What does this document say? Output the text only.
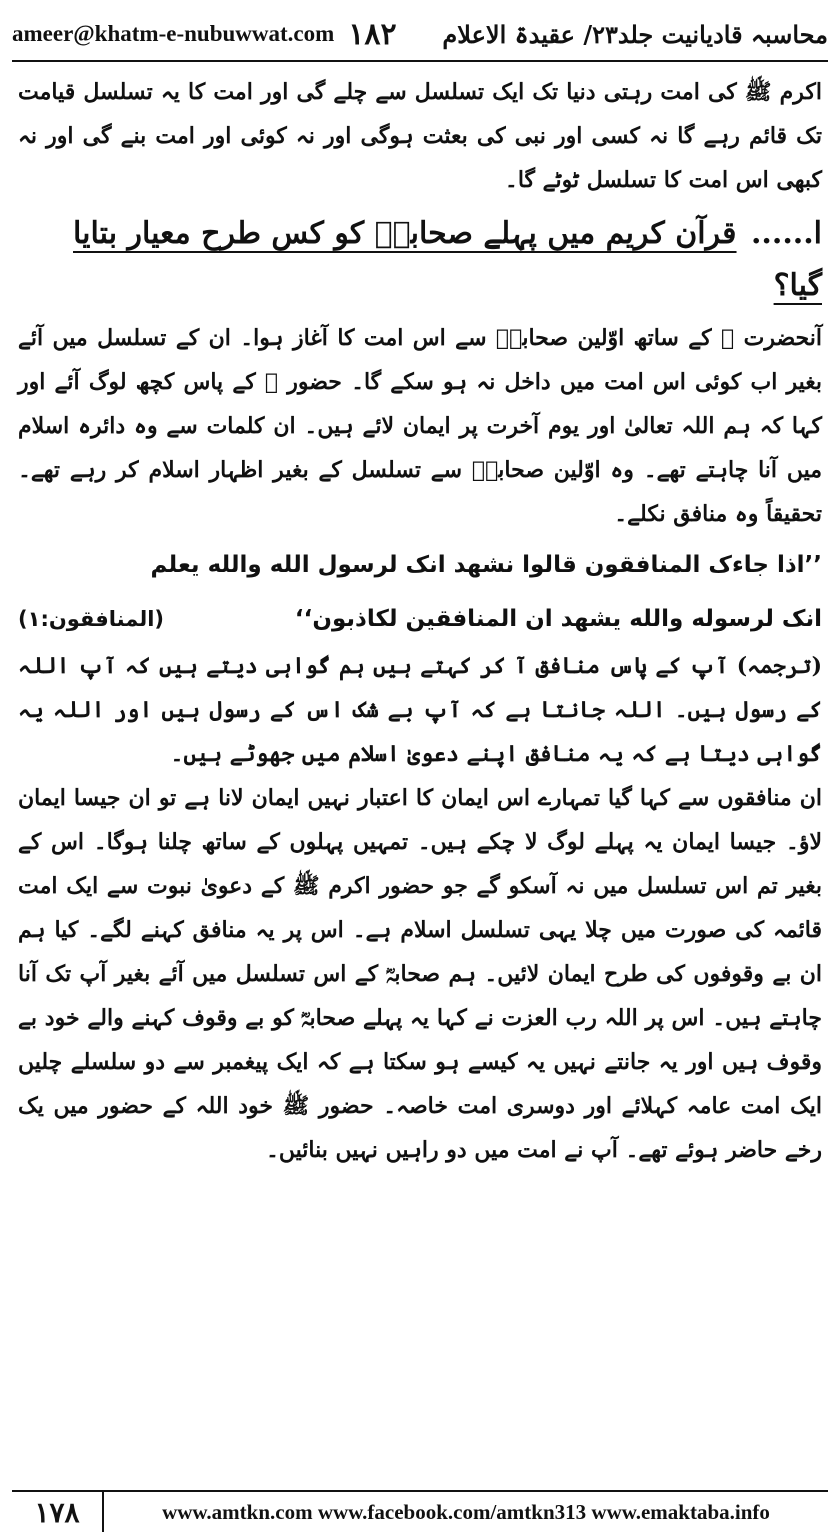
ameer@khatm-e-nubuwwat.com ۱۸۲ محاسبہ قادیانیت جلد۲۳/ عقیدۃ الاعلام

اکرم ﷺ کی امت رہتی دنیا تک ایک تسلسل سے چلے گی اور امت کا یہ تسلسل قیامت تک قائم رہے گا نہ کسی اور نبی کی بعثت ہوگی اور نہ کوئی اور امت بنے گی اور نہ کبھی اس امت کا تسلسل ٹوٹے گا۔

ا...... قرآن کریم میں پہلے صحابہؓ کو کس طرح معیار بتایا گیا؟

آنحضرت ﷺ کے ساتھ اوّلین صحابہؓ سے اس امت کا آغاز ہوا۔ ان کے تسلسل میں آئے بغیر اب کوئی اس امت میں داخل نہ ہو سکے گا۔ حضور ﷺ کے پاس کچھ لوگ آئے اور کہا کہ ہم اللہ تعالیٰ اور یوم آخرت پر ایمان لائے ہیں۔ ان کلمات سے وہ دائرہ اسلام میں آنا چاہتے تھے۔ وہ اوّلین صحابہؓ سے تسلسل کے بغیر اظہار اسلام کر رہے تھے۔ تحقیقاً وہ منافق نکلے۔

’’اذا جاءک المنافقون قالوا نشهد انک لرسول الله والله یعلم

انک لرسوله والله یشهد ان المنافقین لکاذبون‘‘
(المنافقون:۱)

(ترجمہ) آپ کے پاس منافق آ کر کہتے ہیں ہم گواہی دیتے ہیں کہ آپ اللہ کے رسول ہیں۔ اللہ جانتا ہے کہ آپ بے شک اس کے رسول ہیں اور اللہ یہ گواہی دیتا ہے کہ یہ منافق اپنے دعویٰ اسلام میں جھوٹے ہیں۔

ان منافقوں سے کہا گیا تمہارے اس ایمان کا اعتبار نہیں ایمان لانا ہے تو ان جیسا ایمان لاؤ۔ جیسا ایمان یہ پہلے لوگ لا چکے ہیں۔ تمہیں پہلوں کے ساتھ چلنا ہوگا۔ اس کے بغیر تم اس تسلسل میں نہ آسکو گے جو حضور اکرم ﷺ کے دعویٰ نبوت سے ایک امت قائمہ کی صورت میں چلا یہی تسلسل اسلام ہے۔ اس پر یہ منافق کہنے لگے۔ کیا ہم ان بے وقوفوں کی طرح ایمان لائیں۔ ہم صحابہؓ کے اس تسلسل میں آئے بغیر آپ تک آنا چاہتے ہیں۔ اس پر اللہ رب العزت نے کہا یہ پہلے صحابہؓ کو بے وقوف کہنے والے خود بے وقوف ہیں اور یہ جانتے نہیں یہ کیسے ہو سکتا ہے کہ ایک پیغمبر سے دو سلسلے چلیں ایک امت عامہ کہلائے اور دوسری امت خاصہ۔ حضور ﷺ خود اللہ کے حضور میں یک رخے حاضر ہوئے تھے۔ آپ نے امت میں دو راہیں نہیں بنائیں۔

۱۷۸	www.amtkn.com www.facebook.com/amtkn313 www.emaktaba.info
